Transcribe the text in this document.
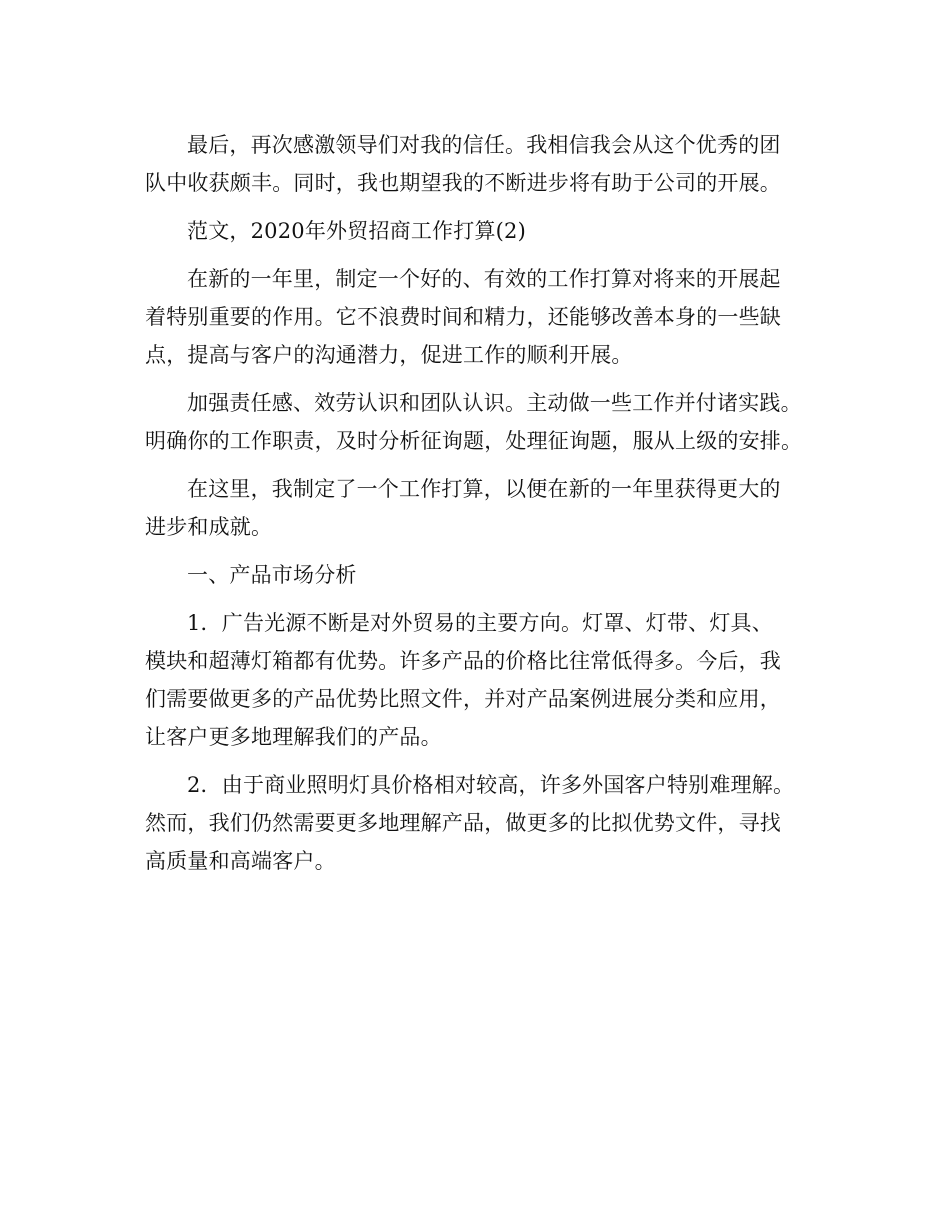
最后，再次感激领导们对我的信任。我相信我会从这个优秀的团
队中收获颇丰。同时，我也期望我的不断进步将有助于公司的开展。

范文，2020年外贸招商工作打算(2)

在新的一年里，制定一个好的、有效的工作打算对将来的开展起
着特别重要的作用。它不浪费时间和精力，还能够改善本身的一些缺
点，提高与客户的沟通潜力，促进工作的顺利开展。

加强责任感、效劳认识和团队认识。主动做一些工作并付诸实践。
明确你的工作职责，及时分析征询题，处理征询题，服从上级的安排。

在这里，我制定了一个工作打算，以便在新的一年里获得更大的
进步和成就。

一、产品市场分析

1．广告光源不断是对外贸易的主要方向。灯罩、灯带、灯具、
模块和超薄灯箱都有优势。许多产品的价格比往常低得多。今后，我
们需要做更多的产品优势比照文件，并对产品案例进展分类和应用，
让客户更多地理解我们的产品。

2．由于商业照明灯具价格相对较高，许多外国客户特别难理解。
然而，我们仍然需要更多地理解产品，做更多的比拟优势文件，寻找
高质量和高端客户。
